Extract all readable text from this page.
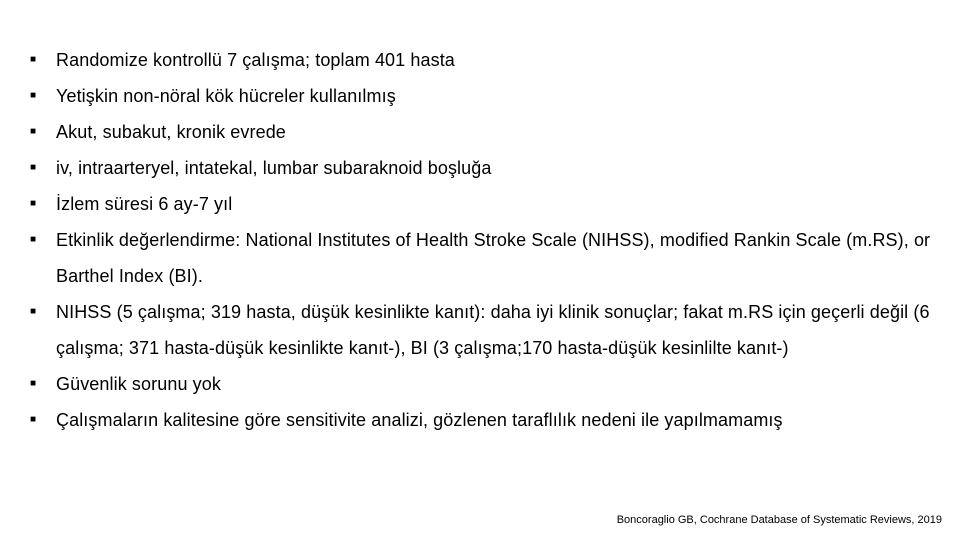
■	Randomize kontrollü 7 çalışma; toplam 401 hasta
■	Yetişkin non-nöral kök hücreler kullanılmış
■	Akut, subakut, kronik evrede
■	iv, intraarteryel, intatekal, lumbar subaraknoid boşluğa
■	İzlem süresi 6 ay-7 yıl
■	Etkinlik değerlendirme: National Institutes of Health Stroke Scale (NIHSS), modified Rankin Scale (m.RS), or Barthel Index (BI).
■	NIHSS (5 çalışma; 319 hasta, düşük kesinlikte kanıt): daha iyi klinik sonuçlar; fakat m.RS için geçerli değil (6 çalışma; 371 hasta-düşük kesinlikte kanıt-), BI (3 çalışma;170 hasta-düşük kesinlilte kanıt-)
■	Güvenlik sorunu yok
■	Çalışmaların kalitesine göre sensitivite analizi, gözlenen taraflılık nedeni ile yapılmamamış
Boncoraglio GB, Cochrane Database of Systematic Reviews, 2019
